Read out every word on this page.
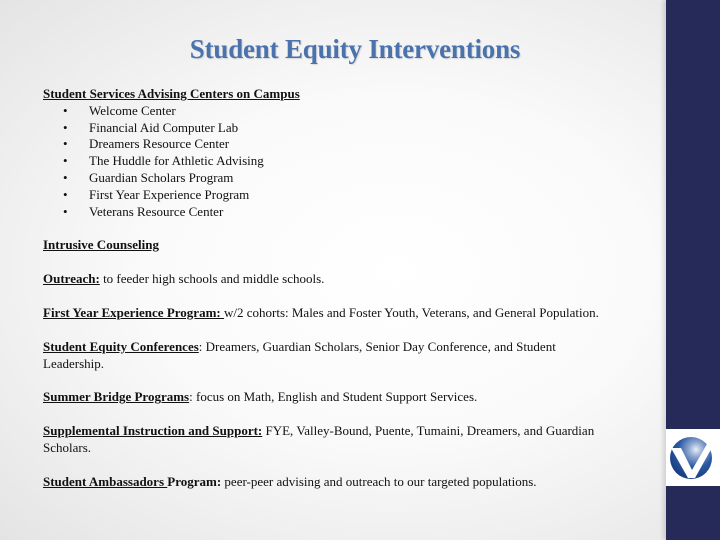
Student Equity Interventions
Student Services Advising Centers on Campus
• Welcome Center
• Financial Aid Computer Lab
• Dreamers Resource Center
• The Huddle for Athletic Advising
• Guardian Scholars Program
• First Year Experience Program
• Veterans Resource Center
Intrusive Counseling
Outreach: to feeder high schools and middle schools.
First Year Experience Program: w/2 cohorts: Males and Foster Youth, Veterans, and General Population.
Student Equity Conferences: Dreamers, Guardian Scholars, Senior Day Conference, and Student Leadership.
Summer Bridge Programs: focus on Math, English and Student Support Services.
Supplemental Instruction and Support: FYE, Valley-Bound, Puente, Tumaini, Dreamers, and Guardian Scholars.
Student Ambassadors Program: peer-peer advising and outreach to our targeted populations.
